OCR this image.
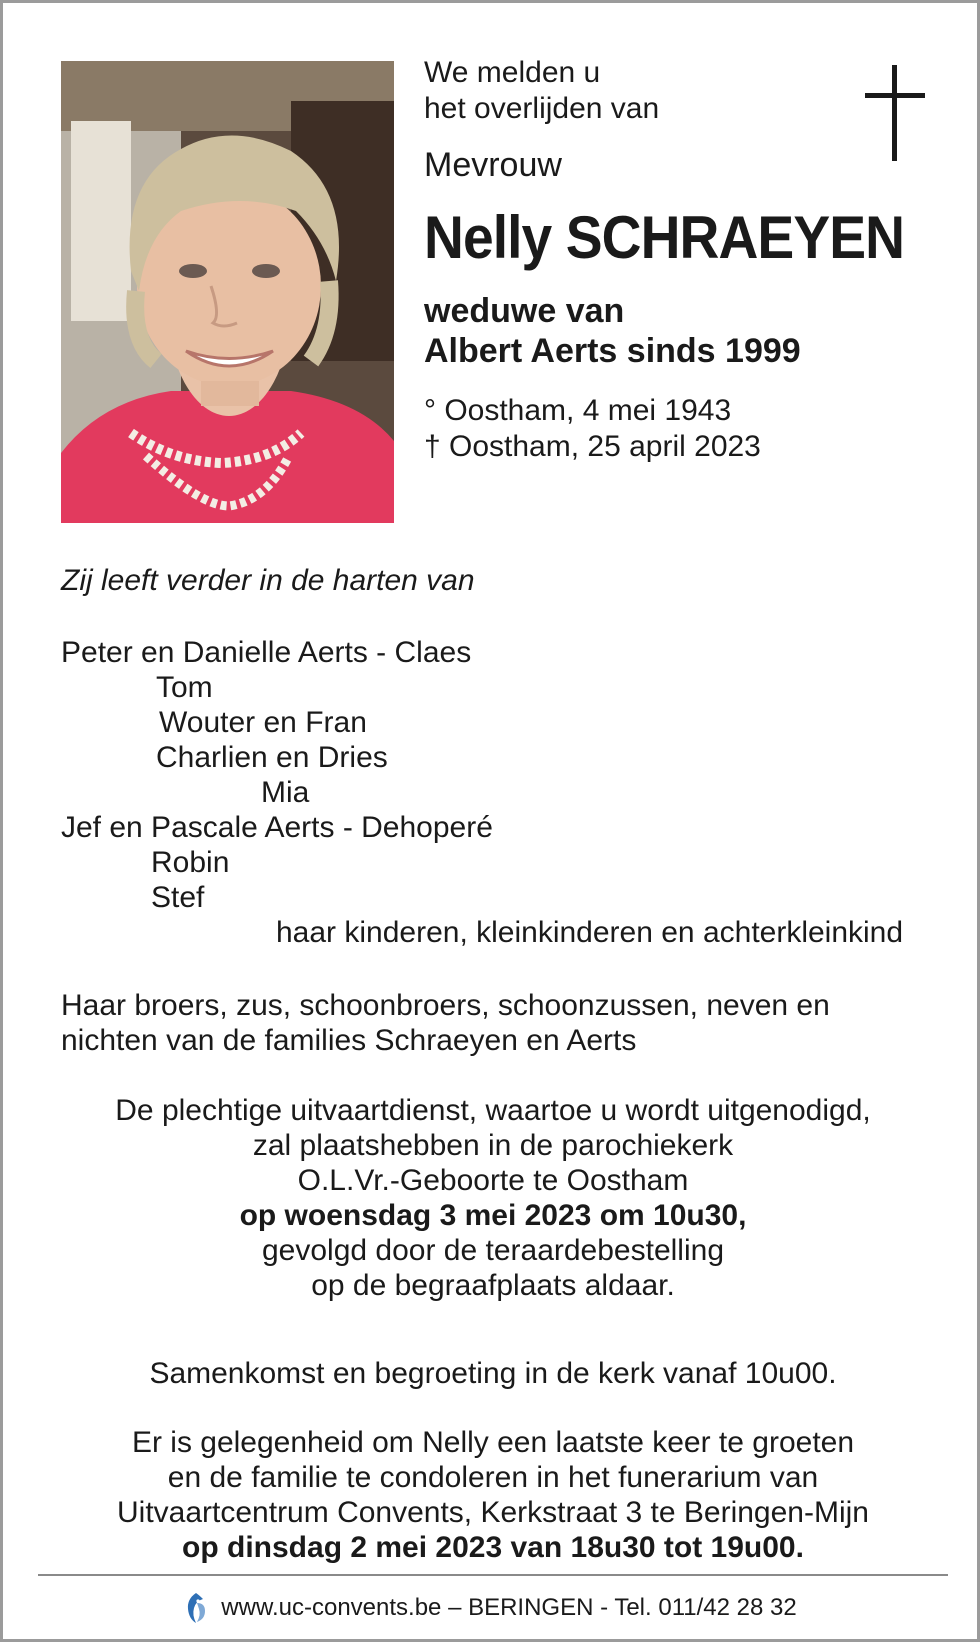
We melden u
het overlijden van
Mevrouw
Nelly SCHRAEYEN
weduwe van
Albert Aerts sinds 1999
° Oostham, 4 mei 1943
† Oostham, 25 april 2023
Zij leeft verder in de harten van
Peter en Danielle Aerts - Claes
Tom
Wouter en Fran
Charlien en Dries
Mia
Jef en Pascale Aerts - Dehoperé
Robin
Stef
haar kinderen, kleinkinderen en achterkleinkind
Haar broers, zus, schoonbroers, schoonzussen, neven en
nichten van de families Schraeyen en Aerts
De plechtige uitvaartdienst, waartoe u wordt uitgenodigd,
zal plaatshebben in de parochiekerk
O.L.Vr.-Geboorte te Oostham
op woensdag 3 mei 2023 om 10u30,
gevolgd door de teraardebestelling
op de begraafplaats aldaar.
Samenkomst en begroeting in de kerk vanaf 10u00.
Er is gelegenheid om Nelly een laatste keer te groeten
en de familie te condoleren in het funerarium van
Uitvaartcentrum Convents, Kerkstraat 3 te Beringen-Mijn
op dinsdag 2 mei 2023 van 18u30 tot 19u00.
www.uc-convents.be – BERINGEN - Tel. 011/42 28 32
